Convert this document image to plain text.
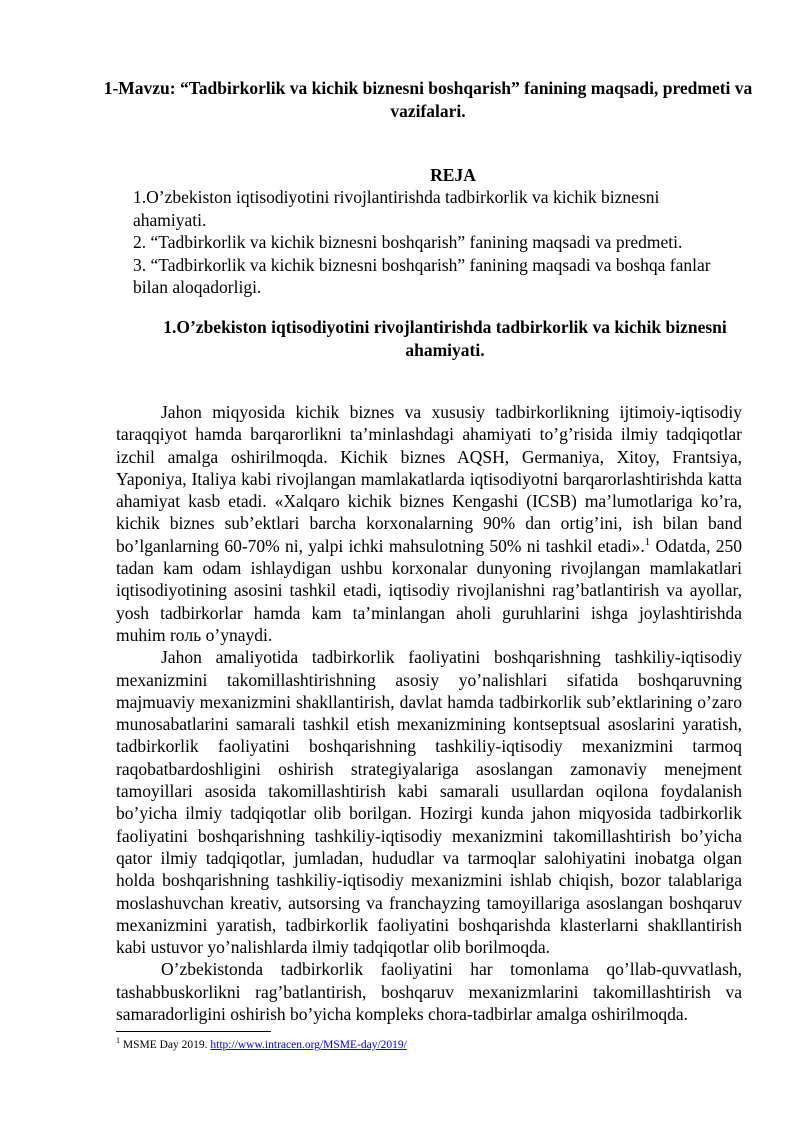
1-Mavzu: “Tadbirkorlik va kichik biznesni boshqarish” fanining maqsadi, predmeti va vazifalari.
REJA

1.O’zbekiston iqtisodiyotini rivojlantirishda tadbirkorlik va kichik biznesni ahamiyati.

2. “Tadbirkorlik va kichik biznesni boshqarish” fanining maqsadi va predmeti.

3. “Tadbirkorlik va kichik biznesni boshqarish” fanining maqsadi va boshqa fanlar bilan aloqadorligi.

1.O’zbekiston iqtisodiyotini rivojlantirishda tadbirkorlik va kichik biznesni ahamiyati.

Jahon miqyosida kichik biznes va xususiy tadbirkorlikning ijtimoiy-iqtisodiy taraqqiyot hamda barqarorlikni ta’minlashdagi ahamiyati to’g’risida ilmiy tadqiqotlar izchil amalga oshirilmoqda. Kichik biznes AQSH, Germaniya, Xitoy, Frantsiya, Yaponiya, Italiya kabi rivojlangan mamlakatlarda iqtisodiyotni barqarorlashtirishda katta ahamiyat kasb etadi. «Xalqaro kichik biznes Kengashi (ICSB) ma’lumotlariga ko’ra, kichik biznes sub’ektlari barcha korxonalarning 90% dan ortig’ini, ish bilan band bo’lganlarning 60-70% ni, yalpi ichki mahsulotning 50% ni tashkil etadi».$^1$ Odatda, 250 tadan kam odam ishlaydigan ushbu korxonalar dunyoning rivojlangan mamlakatlari iqtisodiyotining asosini tashkil etadi, iqtisodiy rivojlanishni rag’batlantirish va ayollar, yosh tadbirkorlar hamda kam ta’minlangan aholi guruhlarini ishga joylashtirishda muhim roль o’ynaydi.

Jahon amaliyotida tadbirkorlik faoliyatini boshqarishning tashkiliy-iqtisodiy mexanizmini takomillashtirishning asosiy yo’nalishlari sifatida boshqaruvning majmuaviy mexanizmini shakllantirish, davlat hamda tadbirkorlik sub’ektlarining o’zaro munosabatlarini samarali tashkil etish mexanizmining kontseptsual asoslarini yaratish, tadbirkorlik faoliyatini boshqarishning tashkiliy-iqtisodiy mexanizmini tarmoq raqobatbardoshligini oshirish strategiyalariga asoslangan zamonaviy menejment tamoyillari asosida takomillashtirish kabi samarali usullardan oqilona foydalanish bo’yicha ilmiy tadqiqotlar olib borilgan. Hozirgi kunda jahon miqyosida tadbirkorlik faoliyatini boshqarishning tashkiliy-iqtisodiy mexanizmini takomillashtirish bo’yicha qator ilmiy tadqiqotlar, jumladan, hududlar va tarmoqlar salohiyatini inobatga olgan holda boshqarishning tashkiliy-iqtisodiy mexanizmini ishlab chiqish, bozor talablariga moslashuvchan kreativ, autsorsing va franchayzing tamoyillariga asoslangan boshqaruv mexanizmini yaratish, tadbirkorlik faoliyatini boshqarishda klasterlarni shakllantirish kabi ustuvor yo’nalishlarda ilmiy tadqiqotlar olib borilmoqda.

O’zbekistonda tadbirkorlik faoliyatini har tomonlama qo’llab-quvvatlash, tashabbuskorlikni rag’batlantirish, boshqaruv mexanizmlarini takomillashtirish va samaradorligini oshirish bo’yicha kompleks chora-tadbirlar amalga oshirilmoqda.

$^1$ MSME Day 2019. http://www.intracen.org/MSME-day/2019/
